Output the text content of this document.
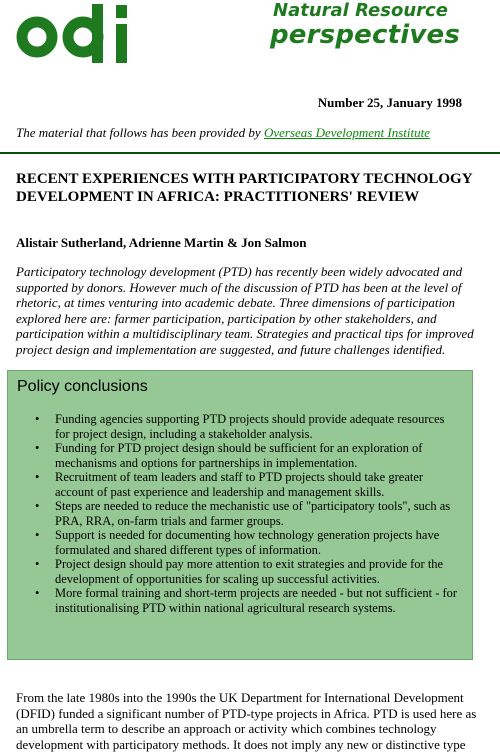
odi	Natural Resource
perspectives
Number 25, January 1998
The material that follows has been provided by Overseas Development Institute
RECENT EXPERIENCES WITH PARTICIPATORY TECHNOLOGY DEVELOPMENT IN AFRICA: PRACTITIONERS' REVIEW
Alistair Sutherland, Adrienne Martin & Jon Salmon

Participatory technology development (PTD) has recently been widely advocated and supported by donors. However much of the discussion of PTD has been at the level of rhetoric, at times venturing into academic debate. Three dimensions of participation explored here are: farmer participation, participation by other stakeholders, and participation within a multidisciplinary team. Strategies and practical tips for improved project design and implementation are suggested, and future challenges identified.

Policy conclusions
• Funding agencies supporting PTD projects should provide adequate resources for project design, including a stakeholder analysis.
• Funding for PTD project design should be sufficient for an exploration of mechanisms and options for partnerships in implementation.
• Recruitment of team leaders and staff to PTD projects should take greater account of past experience and leadership and management skills.
• Steps are needed to reduce the mechanistic use of "participatory tools", such as PRA, RRA, on-farm trials and farmer groups.
• Support is needed for documenting how technology generation projects have formulated and shared different types of information.
• Project design should pay more attention to exit strategies and provide for the development of opportunities for scaling up successful activities.
• More formal training and short-term projects are needed - but not sufficient - for institutionalising PTD within national agricultural research systems.

From the late 1980s into the 1990s the UK Department for International Development (DFID) funded a significant number of PTD-type projects in Africa. PTD is used here as an umbrella term to describe an approach or activity which combines technology development with participatory methods. It does not imply any new or distinctive type
